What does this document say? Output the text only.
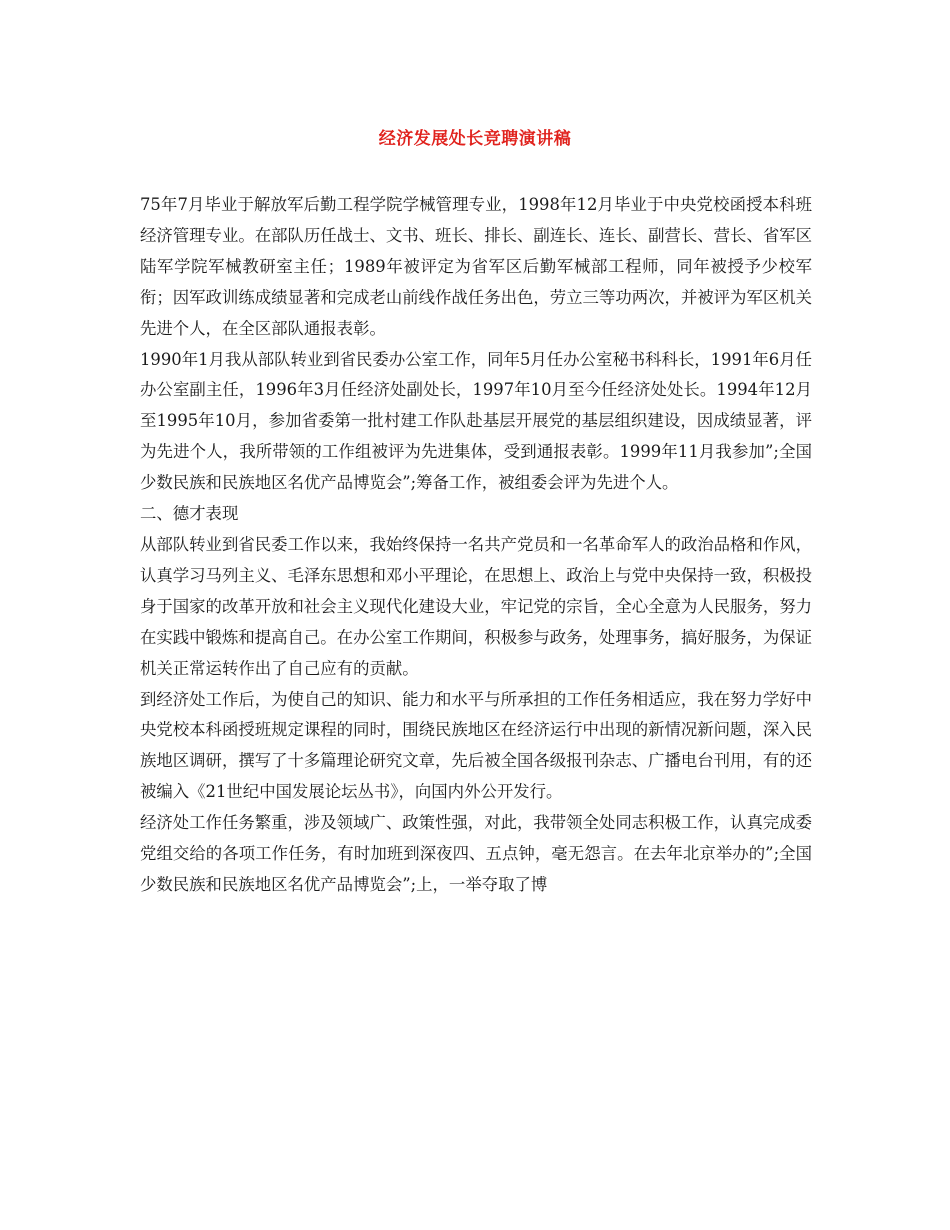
经济发展处长竞聘演讲稿

75年7月毕业于解放军后勤工程学院学械管理专业，1998年12月毕业于中央党校函授本科班经济管理专业。在部队历任战士、文书、班长、排长、副连长、连长、副营长、营长、省军区陆军学院军械教研室主任；1989年被评定为省军区后勤军械部工程师，同年被授予少校军衔；因军政训练成绩显著和完成老山前线作战任务出色，劳立三等功两次，并被评为军区机关先进个人，在全区部队通报表彰。

1990年1月我从部队转业到省民委办公室工作，同年5月任办公室秘书科科长，1991年6月任办公室副主任，1996年3月任经济处副处长，1997年10月至今任经济处处长。1994年12月至1995年10月，参加省委第一批村建工作队赴基层开展党的基层组织建设，因成绩显著，评为先进个人，我所带领的工作组被评为先进集体，受到通报表彰。1999年11月我参加”;全国少数民族和民族地区名优产品博览会”;筹备工作，被组委会评为先进个人。

二、德才表现

从部队转业到省民委工作以来，我始终保持一名共产党员和一名革命军人的政治品格和作风，认真学习马列主义、毛泽东思想和邓小平理论，在思想上、政治上与党中央保持一致，积极投身于国家的改革开放和社会主义现代化建设大业，牢记党的宗旨，全心全意为人民服务，努力在实践中锻炼和提高自己。在办公室工作期间，积极参与政务，处理事务，搞好服务，为保证机关正常运转作出了自己应有的贡献。

到经济处工作后，为使自己的知识、能力和水平与所承担的工作任务相适应，我在努力学好中央党校本科函授班规定课程的同时，围绕民族地区在经济运行中出现的新情况新问题，深入民族地区调研，撰写了十多篇理论研究文章，先后被全国各级报刊杂志、广播电台刊用，有的还被编入《21世纪中国发展论坛丛书》，向国内外公开发行。

经济处工作任务繁重，涉及领域广、政策性强，对此，我带领全处同志积极工作，认真完成委党组交给的各项工作任务，有时加班到深夜四、五点钟，毫无怨言。在去年北京举办的”;全国少数民族和民族地区名优产品博览会”;上，一举夺取了博
